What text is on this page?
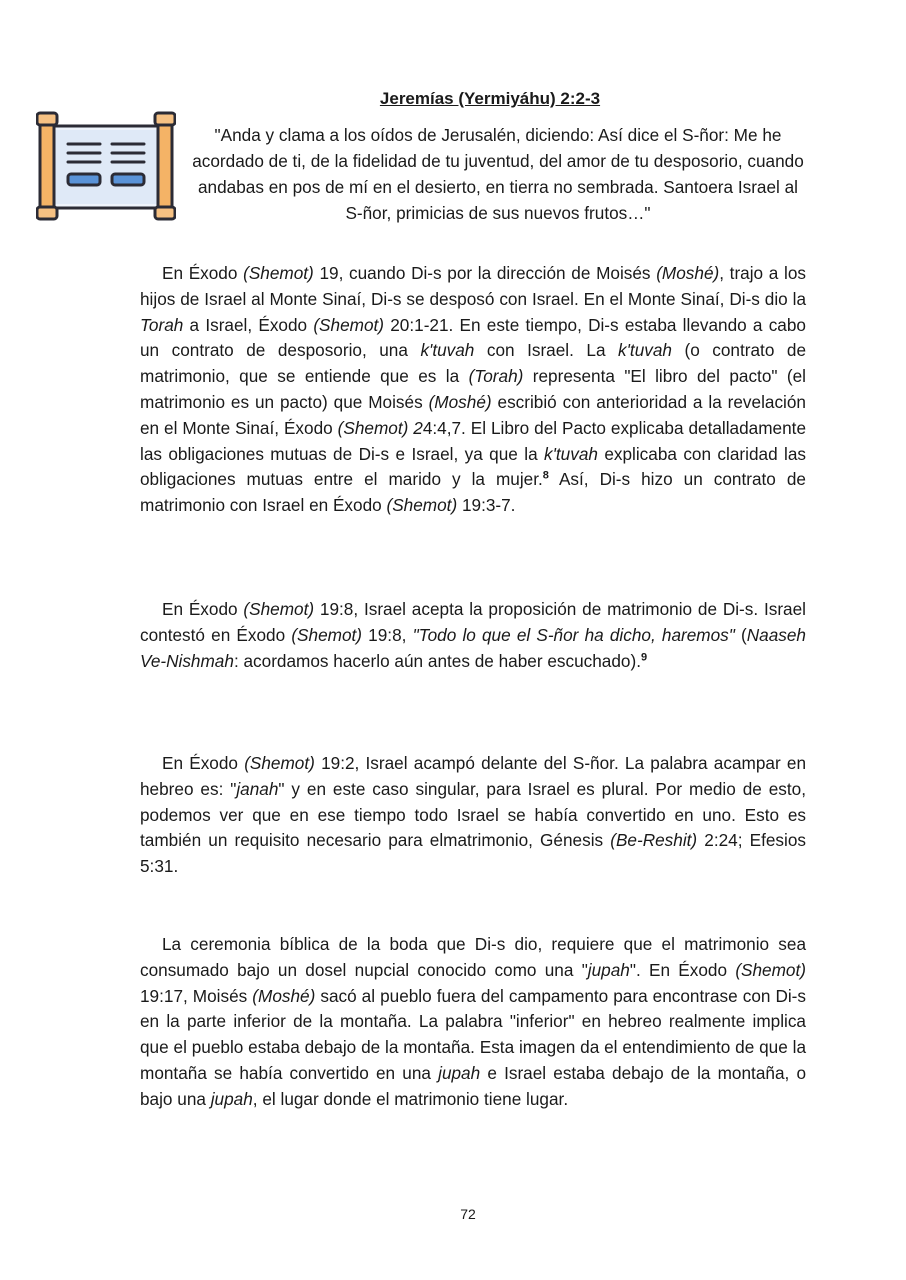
Jeremías (Yermiyáhu) 2:2-3
"Anda y clama a los oídos de Jerusalén, diciendo: Así dice el S-ñor: Me he acordado de ti, de la fidelidad de tu juventud, del amor de tu desposorio, cuando andabas en pos de mí en el desierto, en tierra no sembrada. Santoera Israel al S-ñor, primicias de sus nuevos frutos…"

En Éxodo (Shemot) 19, cuando Di-s por la dirección de Moisés (Moshé), trajo a los hijos de Israel al Monte Sinaí, Di-s se desposó con Israel. En el Monte Sinaí, Di-s dio la Torah a Israel, Éxodo (Shemot) 20:1-21. En este tiempo, Di-s estaba llevando a cabo un contrato de desposorio, una k'tuvah con Israel. La k'tuvah (o contrato de matrimonio, que se entiende que es la (Torah) representa "El libro del pacto" (el matrimonio es un pacto) que Moisés (Moshé) escribió con anterioridad a la revelación en el Monte Sinaí, Éxodo (Shemot) 24:4,7. El Libro del Pacto explicaba detalladamente las obligaciones mutuas de Di-s e Israel, ya que la k'tuvah explicaba con claridad las obligaciones mutuas entre el marido y la mujer.$^8$ Así, Di-s hizo un contrato de matrimonio con Israel en Éxodo (Shemot) 19:3-7.

En Éxodo (Shemot) 19:8, Israel acepta la proposición de matrimonio de Di-s. Israel contestó en Éxodo (Shemot) 19:8, "Todo lo que el S-ñor ha dicho, haremos" (Naaseh Ve-Nishmah: acordamos hacerlo aún antes de haber escuchado).$^9$

En Éxodo (Shemot) 19:2, Israel acampó delante del S-ñor. La palabra acampar en hebreo es: "janah" y en este caso singular, para Israel es plural. Por medio de esto, podemos ver que en ese tiempo todo Israel se había convertido en uno. Esto es también un requisito necesario para elmatrimonio, Génesis (Be-Reshit) 2:24; Efesios 5:31.

La ceremonia bíblica de la boda que Di-s dio, requiere que el matrimonio sea consumado bajo un dosel nupcial conocido como una "jupah". En Éxodo (Shemot) 19:17, Moisés (Moshé) sacó al pueblo fuera del campamento para encontrase con Di-s en la parte inferior de la montaña. La palabra "inferior" en hebreo realmente implica que el pueblo estaba debajo de la montaña. Esta imagen da el entendimiento de que la montaña se había convertido en una jupah e Israel estaba debajo de la montaña, o bajo una jupah, el lugar donde el matrimonio tiene lugar.

72
